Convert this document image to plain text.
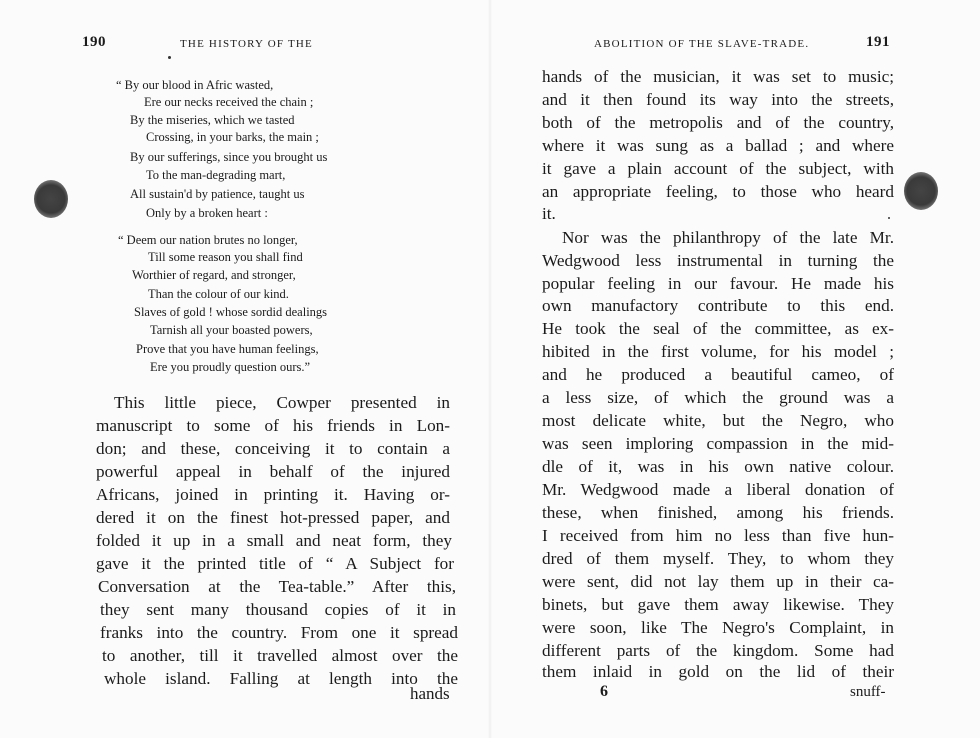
190	THE HISTORY OF THE
“ By our blood in Afric wasted,
Ere our necks received the chain ;
By the miseries, which we tasted
Crossing, in your barks, the main ;
By our sufferings, since you brought us
To the man-degrading mart,
All sustain'd by patience, taught us
Only by a broken heart :
“ Deem our nation brutes no longer,
Till some reason you shall find
Worthier of regard, and stronger,
Than the colour of our kind.
Slaves of gold ! whose sordid dealings
Tarnish all your boasted powers,
Prove that you have human feelings,
Ere you proudly question ours.”
This little piece, Cowper presented in
manuscript to some of his friends in Lon-
don; and these, conceiving it to contain a
powerful appeal in behalf of the injured
Africans, joined in printing it. Having or-
dered it on the finest hot-pressed paper, and
folded it up in a small and neat form, they
gave it the printed title of “ A Subject for
Conversation at the Tea-table.” After this,
they sent many thousand copies of it in
franks into the country. From one it spread
to another, till it travelled almost over the
whole island. Falling at length into the
hands
ABOLITION OF THE SLAVE-TRADE.	191
hands of the musician, it was set to music;
and it then found its way into the streets,
both of the metropolis and of the country,
where it was sung as a ballad ; and where
it gave a plain account of the subject, with
an appropriate feeling, to those who heard
it.
Nor was the philanthropy of the late Mr.
Wedgwood less instrumental in turning the
popular feeling in our favour. He made his
own manufactory contribute to this end.
He took the seal of the committee, as ex-
hibited in the first volume, for his model ;
and he produced a beautiful cameo, of
a less size, of which the ground was a
most delicate white, but the Negro, who
was seen imploring compassion in the mid-
dle of it, was in his own native colour.
Mr. Wedgwood made a liberal donation of
these, when finished, among his friends.
I received from him no less than five hun-
dred of them myself. They, to whom they
were sent, did not lay them up in their ca-
binets, but gave them away likewise. They
were soon, like The Negro's Complaint, in
different parts of the kingdom. Some had
them inlaid in gold on the lid of their
6	snuff-
